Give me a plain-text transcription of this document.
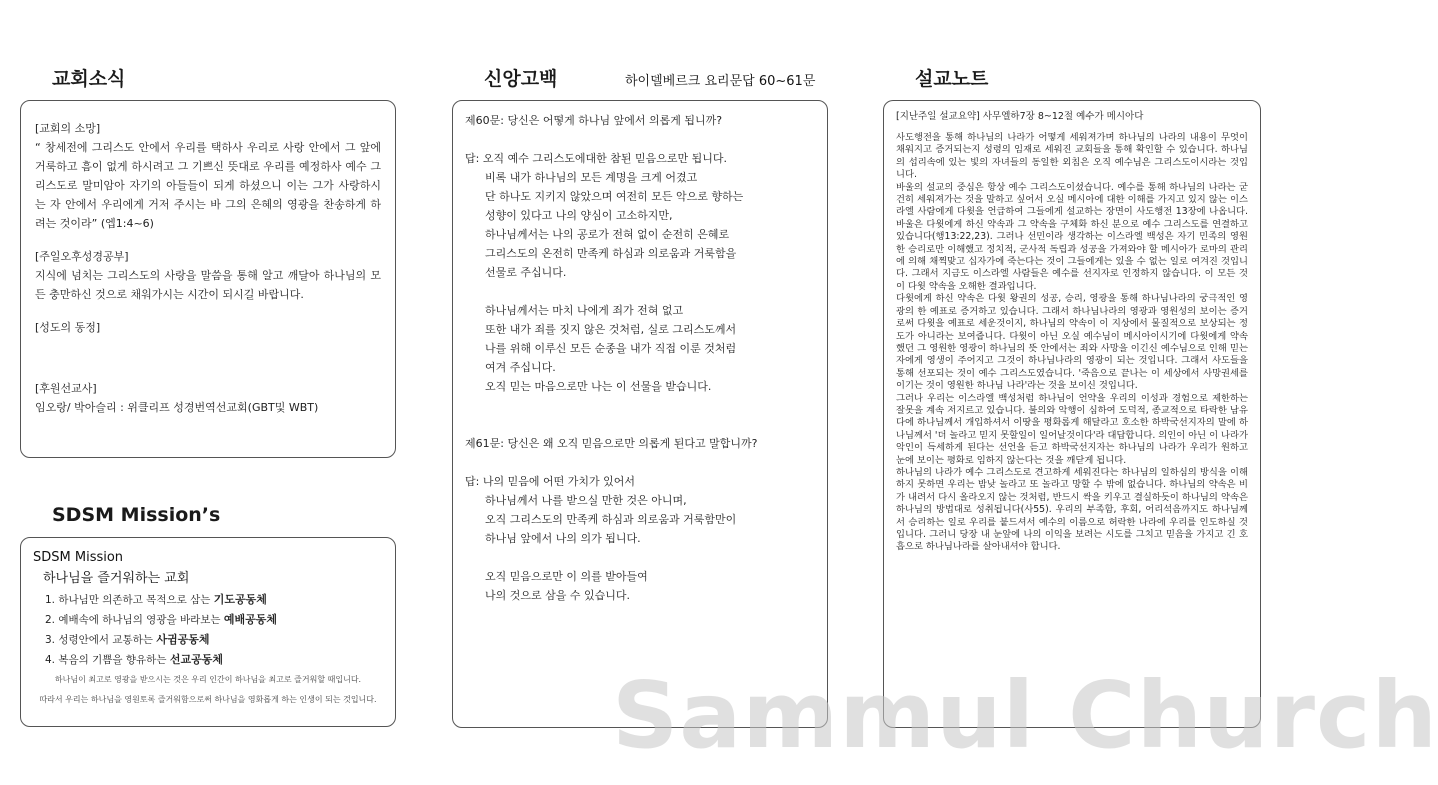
교회소식	신앙고백	하이델베르크 요리문답 60~61문	설교노트
SDSM Mission’s
[교회의 소망]
“ 창세전에 그리스도 안에서 우리를 택하사 우리로 사랑 안에서 그 앞에 거룩하고 흠이 없게 하시려고 그 기쁘신 뜻대로 우리를 예정하사 예수 그리스도로 말미암아 자기의 아들들이 되게 하셨으니 이는 그가 사랑하시는 자 안에서 우리에게 거저 주시는 바 그의 은혜의 영광을 찬송하게 하려는 것이라” (엡1:4~6)
[주일오후성경공부]
지식에 넘치는 그리스도의 사랑을 말씀을 통해 알고 깨달아 하나님의 모든 충만하신 것으로 채워가시는 시간이 되시길 바랍니다.
[성도의 동정]
[후원선교사]
임오랑/ 박아슬리 : 위클리프 성경번역선교회(GBT및 WBT)
SDSM Mission
하나님을 즐거워하는 교회
1. 하나님만 의존하고 목적으로 삼는 기도공동체
2. 예배속에 하나님의 영광을 바라보는 예배공동체
3. 성령안에서 교통하는 사귐공동체
4. 복음의 기쁨을 향유하는 선교공동체
하나님이 최고로 영광을 받으시는 것은 우리 인간이 하나님을 최고로 즐거워할 때입니다.
따라서 우리는 하나님을 영원토록 즐거워함으로써 하나님을 영화롭게 하는 인생이 되는 것입니다.

제60문: 당신은 어떻게 하나님 앞에서 의롭게 됩니까?

답: 오직 예수 그리스도에대한 참된 믿음으로만 됩니다.

비록 내가 하나님의 모든 계명을 크게 어겼고

단 하나도 지키지 않았으며 여전히 모든 악으로 향하는

성향이 있다고 나의 양심이 고소하지만,

하나님께서는 나의 공로가 전혀 없이 순전히 은혜로

그리스도의 온전히 만족케 하심과 의로움과 거룩함을

선물로 주십니다.

하나님께서는 마치 나에게 죄가 전혀 없고

또한 내가 죄를 짓지 않은 것처럼, 실로 그리스도께서

나를 위해 이루신 모든 순종을 내가 직접 이룬 것처럼

여겨 주십니다.

오직 믿는 마음으로만 나는 이 선물을 받습니다.

제61문: 당신은 왜 오직 믿음으로만 의롭게 된다고 말합니까?

답: 나의 믿음에 어떤 가치가 있어서

하나님께서 나를 받으실 만한 것은 아니며,

오직 그리스도의 만족케 하심과 의로움과 거룩함만이

하나님 앞에서 나의 의가 됩니다.

오직 믿음으로만 이 의를 받아들여

나의 것으로 삼을 수 있습니다.

[지난주일 설교요약] 사무엘하7장 8~12절 예수가 메시아다
사도행전을 통해 하나님의 나라가 어떻게 세워져가며 하나님의 나라의 내용이 무엇이 채워지고 증거되는지 성령의 임재로 세워진 교회들을 통해 확인할 수 있습니다. 하나님의 섭리속에 있는 빛의 자녀들의 동일한 외침은 오직 예수님은 그리스도이시라는 것입니다.
바울의 설교의 중심은 항상 예수 그리스도이셨습니다. 예수를 통해 하나님의 나라는 굳건히 세워져가는 것을 말하고 싶어서 오실 메시아에 대한 이해를 가지고 있지 않는 이스라엘 사람에게 다윗을 언급하여 그들에게 설교하는 장면이 사도행전 13장에 나옵니다. 바울은 다윗에게 하신 약속과 그 약속을 구체화 하신 분으로 예수 그리스도를 연결하고 있습니다(행13:22,23). 그러나 선민이라 생각하는 이스라엘 백성은 자기 민족의 영원한 승리로만 이해했고 정치적, 군사적 독립과 성공을 가져와야 할 메시아가 로마의 관리에 의해 채찍맞고 십자가에 죽는다는 것이 그들에게는 있을 수 없는 일로 여겨진 것입니다. 그래서 지금도 이스라엘 사람들은 예수를 선지자로 인정하지 않습니다. 이 모든 것이 다윗 약속을 오해한 결과입니다.
다윗에게 하신 약속은 다윗 왕권의 성공, 승리, 영광을 통해 하나님나라의 궁극적인 영광의 한 예표로 증거하고 있습니다. 그래서 하나님나라의 영광과 영원성의 보이는 증거로써 다윗을 예표로 세운것이지, 하나님의 약속이 이 지상에서 물질적으로 보상되는 정도가 아니라는 보여줍니다. 다윗이 아닌 오실 예수님이 메시아이시기에 다윗에게 약속했던 그 영원한 영광이 하나님의 뜻 안에서는 죄와 사망을 이긴신 예수님으로 인해 믿는자에게 영생이 주어지고 그것이 하나님나라의 영광이 되는 것입니다. 그래서 사도들을 통해 선포되는 것이 예수 그리스도였습니다. '죽음으로 끝나는 이 세상에서 사망권세를 이기는 것이 영원한 하나님 나라'라는 것을 보이신 것입니다.
그러나 우리는 이스라엘 백성처럼 하나님이 언약을 우리의 이성과 경험으로 제한하는 잘못을 계속 저지르고 있습니다. 불의와 악행이 심하여 도덕적, 종교적으로 타락한 남유다에 하나님께서 개입하셔서 이땅을 평화롭게 해달라고 호소한 하박국선지자의 말에 하나님께서 '더 놀라고 믿지 못할일이 일어날것이다'라 대답합니다. 의인이 아닌 이 나라가 악인이 득세하게 된다는 선언을 듣고 하박국선지자는 하나님의 나라가 우리가 원하고 눈에 보이는 평화로 임하지 않는다는 것을 깨닫게 됩니다.
하나님의 나라가 예수 그리스도로 견고하게 세워진다는 하나님의 일하심의 방식을 이해하지 못하면 우리는 밤낮 놀라고 또 놀라고 망할 수 밖에 없습니다. 하나님의 약속은 비가 내려서 다시 올라오지 않는 것처럼, 반드시 싹을 키우고 결실하듯이 하나님의 약속은 하나님의 방법대로 성취됩니다(사55). 우리의 부족함, 후회, 어리석음까지도 하나님께서 승리하는 일로 우리를 붙드셔서 예수의 이름으로 허락한 나라에 우리를 인도하실 것입니다. 그러니 당장 내 눈앞에 나의 이익을 보려는 시도를 그치고 믿음을 가지고 긴 호흡으로 하나님나라를 살아내셔야 합니다.
Sammul Church
